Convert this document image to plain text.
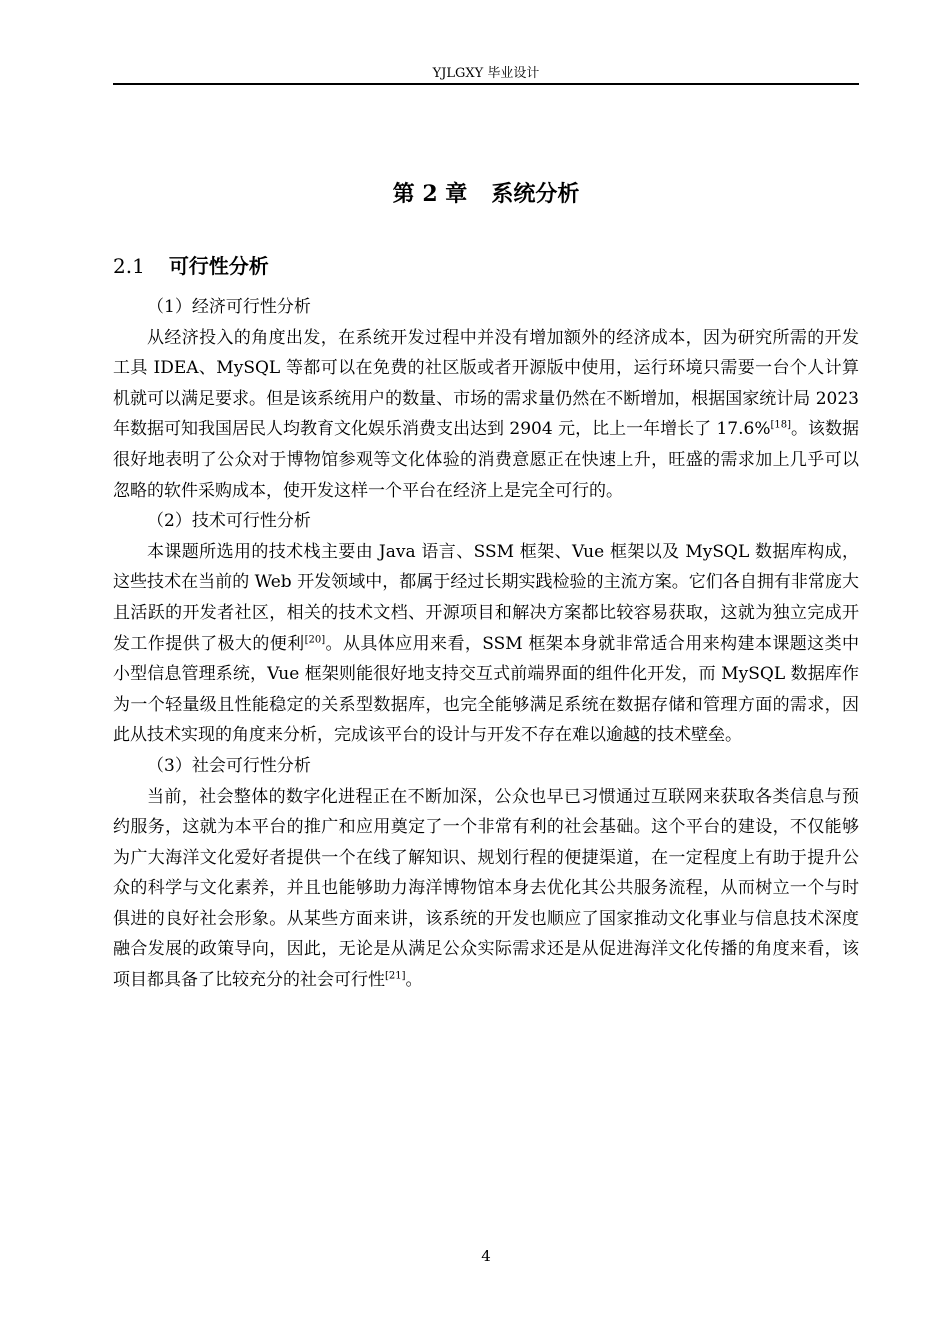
YJLGXY 毕业设计
第 2 章 系统分析
2.1 可行性分析

（1）经济可行性分析

从经济投入的角度出发，在系统开发过程中并没有增加额外的经济成本，因为研究所需的开发工具 IDEA、MySQL 等都可以在免费的社区版或者开源版中使用，运行环境只需要一台个人计算机就可以满足要求。但是该系统用户的数量、市场的需求量仍然在不断增加，根据国家统计局 2023 年数据可知我国居民人均教育文化娱乐消费支出达到 2904 元，比上一年增长了 17.6%[18]。该数据很好地表明了公众对于博物馆参观等文化体验的消费意愿正在快速上升，旺盛的需求加上几乎可以忽略的软件采购成本，使开发这样一个平台在经济上是完全可行的。

（2）技术可行性分析

本课题所选用的技术栈主要由 Java 语言、SSM 框架、Vue 框架以及 MySQL 数据库构成，这些技术在当前的 Web 开发领域中，都属于经过长期实践检验的主流方案。它们各自拥有非常庞大且活跃的开发者社区，相关的技术文档、开源项目和解决方案都比较容易获取，这就为独立完成开发工作提供了极大的便利[20]。从具体应用来看，SSM 框架本身就非常适合用来构建本课题这类中小型信息管理系统，Vue 框架则能很好地支持交互式前端界面的组件化开发，而 MySQL 数据库作为一个轻量级且性能稳定的关系型数据库，也完全能够满足系统在数据存储和管理方面的需求，因此从技术实现的角度来分析，完成该平台的设计与开发不存在难以逾越的技术壁垒。

（3）社会可行性分析

当前，社会整体的数字化进程正在不断加深，公众也早已习惯通过互联网来获取各类信息与预约服务，这就为本平台的推广和应用奠定了一个非常有利的社会基础。这个平台的建设，不仅能够为广大海洋文化爱好者提供一个在线了解知识、规划行程的便捷渠道，在一定程度上有助于提升公众的科学与文化素养，并且也能够助力海洋博物馆本身去优化其公共服务流程，从而树立一个与时俱进的良好社会形象。从某些方面来讲，该系统的开发也顺应了国家推动文化事业与信息技术深度融合发展的政策导向，因此，无论是从满足公众实际需求还是从促进海洋文化传播的角度来看，该项目都具备了比较充分的社会可行性[21]。

4
